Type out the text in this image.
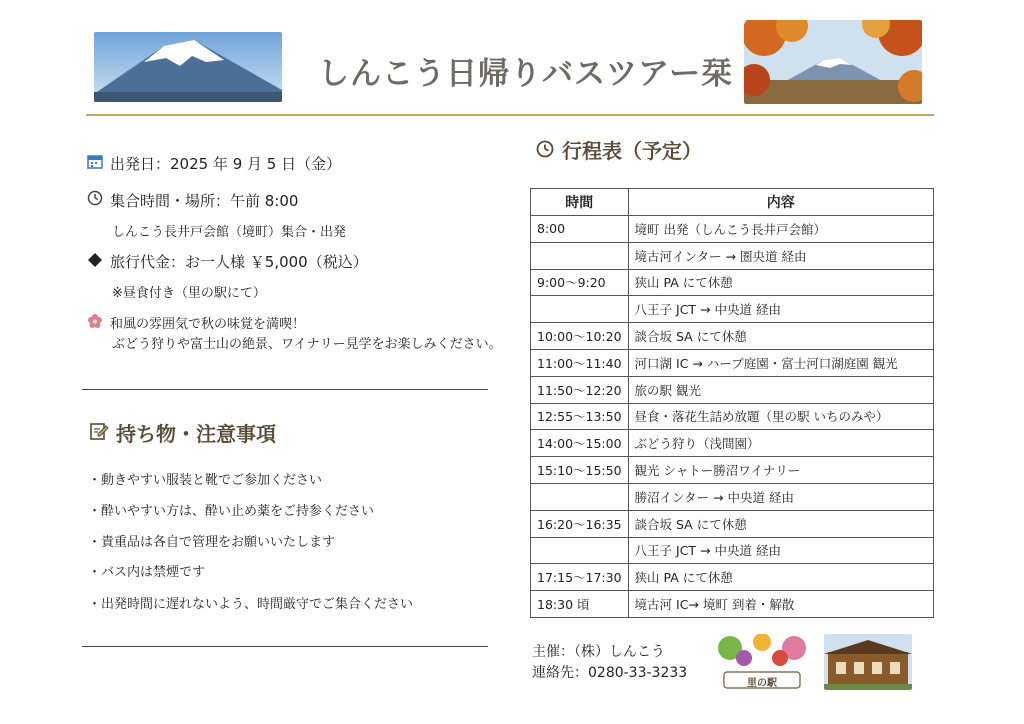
しんこう日帰りバスツアー栞
出発日：2025 年 9 月 5 日（金）
集合時間・場所：午前 8:00
しんこう長井戸会館（境町）集合・出発
旅行代金：お一人様 ￥5,000（税込）
※昼食付き（里の駅にて）
和風の雰囲気で秋の味覚を満喫！
ぶどう狩りや富士山の絶景、ワイナリー見学をお楽しみください。
持ち物・注意事項
・動きやすい服装と靴でご参加ください
・酔いやすい方は、酔い止め薬をご持参ください
・貴重品は各自で管理をお願いいたします
・バス内は禁煙です
・出発時間に遅れないよう、時間厳守でご集合ください
行程表（予定）
時間	内容
8:00	境町 出発（しんこう長井戸会館）
	境古河インター → 圏央道 経由
9:00～9:20	狭山 PA にて休憩
	八王子 JCT → 中央道 経由
10:00～10:20	談合坂 SA にて休憩
11:00～11:40	河口湖 IC → ハーブ庭園・富士河口湖庭園 観光
11:50～12:20	旅の駅 観光
12:55～13:50	昼食・落花生詰め放題（里の駅 いちのみや）
14:00～15:00	ぶどう狩り（浅間園）
15:10～15:50	観光 シャトー勝沼ワイナリー
	勝沼インター → 中央道 経由
16:20～16:35	談合坂 SA にて休憩
	八王子 JCT → 中央道 経由
17:15～17:30	狭山 PA にて休憩
18:30 頃	境古河 IC→ 境町 到着・解散
主催：（株）しんこう
連絡先：0280-33-3233
里の駅
